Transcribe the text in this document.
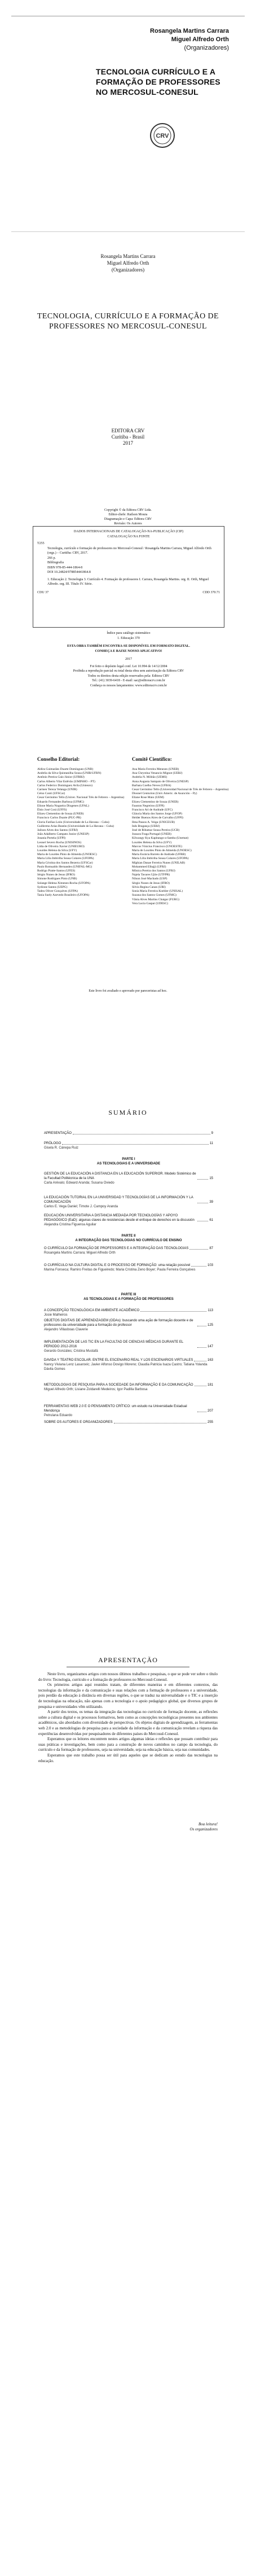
Rosangela Martins Carrara
Miguel Alfredo Orth
(Organizadores)
TECNOLOGIA CURRÍCULO E A FORMAÇÃO DE PROFESSORES NO MERCOSUL-CONESUL
CRV
Rosangela Martins Carrara
Miguel Alfredo Orth
(Organizadores)
TECNOLOGIA, CURRÍCULO E A FORMAÇÃO DE PROFESSORES NO MERCOSUL-CONESUL
EDITORA CRV
Curitiba - Brasil
2017
Copyright © da Editora CRV Ltda.
Editor-chefe: Railson Moura
Diagramação e Capa: Editora CRV
Revisão: Os Autores
DADOS INTERNACIONAIS DE CATALOGAÇÃO-NA-PUBLICAÇÃO (CIP)
CATALOGAÇÃO NA FONTE
T255
Tecnologia, currículo e formação de professores no Mercosul-Conesul / Rosangela Martins Carrara, Miguel Alfredo Orth (orgs.) – Curitiba: CRV, 2017.
266 p.
Bibliografia
ISBN 978-85-444-1864-8
DOI 10.24824/978854441864.8
1. Educação 2. Tecnologia 3. Currículo 4. Formação de professores I. Carrara, Rosangela Martins. org. II. Orth, Miguel Alfredo. org. III. Título IV. Série.
CDU 37	CDD 370.71
Índice para catálogo sistemático
1. Educação 370
ESTA OBRA TAMBÉM ENCONTRA-SE DISPONÍVEL EM FORMATO DIGITAL.
CONHEÇA E BAIXE NOSSO APLICATIVO!
2017
Foi feito o depósito legal conf. Lei 10.994 de 14/12/2004
Proibida a reprodução parcial ou total desta obra sem autorização da Editora CRV
Todos os direitos desta edição reservados pela: Editora CRV
Tel.: (41) 3039-6418 - E-mail: sac@editoracrv.com.br
Conheça os nossos lançamentos: www.editoracrv.com.br
Conselho Editorial:	Comitê Científico:
Aldira Guimarães Duarte Domínguez (UNB)
Andréia da Silva Quintanilha Sousa (UNIR/UFRN)
Antônio Pereira Gaio Júnior (UFRRJ)
Carlos Alberto Vilar Estêvão (UMINHO – PT)
Carlos Federico Dominguez Avila (Unieuro)
Carmen Tereza Velanga (UNIR)
Celso Conti (UFSCar)
Cesar Gerónimo Tello (Univer. Nacional Três de Febrero – Argentina)
Eduardo Fernandes Barbosa (UFMG)
Elione Maria Nogueira Diogenes (UFAL)
Élsio José Corá (UFFS)
Elizeu Clementino de Souza (UNEB)
Francisco Carlos Duarte (PUC-PR)
Gloria Fariñas León (Universidade de La Havana – Cuba)
Guillermo Arias Beatón (Universidade de La Havana – Cuba)
Jailson Alves dos Santos (UFRJ)
João Adalberto Campato Junior (UNESP)
Josania Portela (UFPI)
Leonel Severo Rocha (UNISINOS)
Lídia de Oliveira Xavier (UNIEURO)
Lourdes Helena da Silva (UFV)
Maria de Lourdes Pinto de Almeida (UNOESC)
Maria Lília Imbiriba Sousa Colares (UFOPA)
Maria Cristina dos Santos Bezerra (UFSCar)
Paulo Romualdo Hernandes (UNIFAL-MG)
Rodrigo Pratte-Santos (UFES)
Sérgio Nunes de Jesus (IFRO)
Simone Rodrigues Pinto (UNB)
Solange Helena Ximenes-Rocha (UFOPA)
Sydione Santos (UEPG)
Tadeu Oliver Gonçalves (UFPA)
Tania Suely Azevedo Brasileiro (UFOPA)
Ana Maria Ferreira Menezes (UNEB)
Ana Chrystina Venancio Mignot (UERJ)
Andréia N. Militão (UEMS)
Anna Augusta Sampaio de Oliveira (UNESP)
Barbara Coelho Neves (UFBA)
Cesar Gerónimo Tello (Universidad Nacional de Três de Febrero – Argentina)
Diosnel Centurion (Univ Americ. de Asunción – Py)
Eliane Rose Maio (UEM)
Elizeu Clementino de Souza (UNEB)
Fauston Negreiros (UFPI)
Francisco Ari de Andrade (UFC)
Gláucia Maria dos Santos Jorge (UFOP)
Helder Buenos Aires de Carvalho (UFPI)
Ilma Passos A. Veiga (UNICEUB)
Inês Bragança (UERJ)
José de Ribamar Sousa Pereira (UCB)
Jussara Fraga Portugal (UNEB)
Kilwangy Kya Kapitango-a-Samba (Unemat)
Lourdes Helena da Silva (UFV)
Marcos Vinicius Francisco (UNOESTE)
Maria de Lourdes Pinto de Almeida (UNOESC)
Maria Eurácia Barreto de Andrade (UFRB)
Maria Lília Imbiriba Sousa Colares (UFOPA)
Míghian Danae Ferreira Nunes (UNILAB)
Mohammed Elhajji (UFRJ)
Mônica Pereira dos Santos (UFRJ)
Najela Tavares Ujiie (UTFPR)
Nilson José Machado (USP)
Sérgio Nunes de Jesus (IFRO)
Silvia Regina Canan (URI)
Sonia Maria Ferreira Koehler (UNISAL)
Suzana dos Santos Gomes (UFMG)
Vânia Alves Martins Chaigar (FURG)
Vera Lucia Gaspar (UDESC)
Este livro foi avaliado e aprovado por pareceristas ad hoc.
SUMÁRIO
APRESENTAÇÃO	9
PRÓLOGO	11
Gisela R. Cánepa Ruiz
PARTE I
AS TECNOLOGIAS E A UNIVERSIDADE
GESTIÓN DE LA EDUCACIÓN A DISTANCIA EN LA EDUCACIÓN SUPERIOR. Modelo Sistémico de la Facultad Politécnica de la UNA	15
Carla Arévalo; Edward Aranda; Susana Oviedo
LA EDUCACIÓN TUTORIAL EN LA UNIVERSIDAD Y TECNOLOGÍAS DE LA INFORMACIÓN Y LA COMUNICACIÓN	39
Carlos E. Vega Daniel; Timote J. Campoy Aranda
EDUCACIÓN UNIVERSITARIA A DISTANCIA MEDIADA POR TECNOLOGÍAS Y APOYO PEDAGÓGICO (EaD): algunas claves de resistencias desde el enfoque de derechos en la discusión	61
Alejandra Cristina Figueroa Aguilar
PARTE II
A INTEGRAÇÃO DAS TECNOLOGIAS NO CURRÍCULO DE ENSINO
O CURRÍCULO DA FORMAÇÃO DE PROFESSORES E A INTEGRAÇÃO DAS TECNOLOGIAS	87
Rosangela Martins Carrara; Miguel Alfredo Orth
O CURRÍCULO NA CULTURA DIGITAL E O PROCESSO DE FORMAÇÃO: uma relação possível	103
Marina Fonseca; Ramiro Freitas de Figueiredo; Maria Cristina Zeno Boyer; Paula Ferreira Gonçalves
PARTE III
AS TECNOLOGIAS E A FORMAÇÃO DE PROFESSORES
A CONCEPÇÃO TECNOLÓGICA EM AMBIENTE ACADÊMICO	113
Josie Malheiros
OBJETOS DIGITAIS DE APRENDIZAGEM (ODAs): buscando uma ação de formação docente e de professores da universidade para a formação do professor	125
Alejandro Villasboas Claverie
IMPLEMENTACIÓN DE LAS TIC EN LA FACULTAD DE CIENCIAS MÉDICAS DURANTE EL PERIODO 2012-2016	147
Gerardo Gonzáles; Cristina Mustafá
DAVIDA Y TEATRO ESCOLAR. ENTRE EL ESCENARIO REAL Y LOS ESCENARIOS VIRTUALES	163
Nancy Viviana Lenz Lasarovic; Javier Alfonso Dovigo Moreno; Claudia Patricia Isaza Castro; Tatiana Yolanda Dávila Gomes
METODOLOGIAS DE PESQUISA PARA A SOCIEDADE DA INFORMAÇÃO E DA COMUNICAÇÃO	181
Miguel Alfredo Orth; Lisiane Zoldarelli Medeiros; Igor Padilla Barbosa
FERRAMENTAS WEB 2.0 E O PENSAMENTO CRÍTICO: um estudo na Universidade Estadual Mendonça	207
Petrulana Eduardo
SOBRE OS AUTORES E ORGANIZADORES	255
APRESENTAÇÃO

Neste livro, organizamos artigos com nossos últimos trabalhos e pesquisas, o que se pode ver sobre o título do livro: Tecnologia, currículo e a formação de professores no Mercosul-Conesul.

Os primeiros artigos aqui reunidos tratam, de diferentes maneiras e em diferentes contextos, das tecnologias da informação e da comunicação e suas relações com a formação de professores e a universidade, pois perdão da educação à distância em diversas regiões, o que se traduz na universalidade e o TIC e a inserção de tecnologias na educação, não apenas com a tecnologia e o apoio pedagógico global, que diversos grupos de pesquisa e universidades vêm utilizando.

A partir dos textos, os temas da integração das tecnologias no currículo de formação docente, as reflexões sobre a cultura digital e os processos formativos, bem como as concepções tecnológicas presentes nos ambientes acadêmicos, são abordados com diversidade de perspectivas. Os objetos digitais de aprendizagem, as ferramentas web 2.0 e as metodologias de pesquisa para a sociedade da informação e da comunicação revelam a riqueza das experiências desenvolvidas por pesquisadores de diferentes países do Mercosul-Conesul.

Esperamos que os leitores encontrem nestes artigos algumas ideias e reflexões que possam contribuir para suas práticas e investigações, bem como para a construção de novos caminhos no campo da tecnologia, do currículo e da formação de professores, seja na universidade, seja na educação básica, seja nas comunidades.

Esperamos que este trabalho possa ser útil para aqueles que se dedicam ao estudo das tecnologias na educação.

Boa leitura!
Os organizadores
